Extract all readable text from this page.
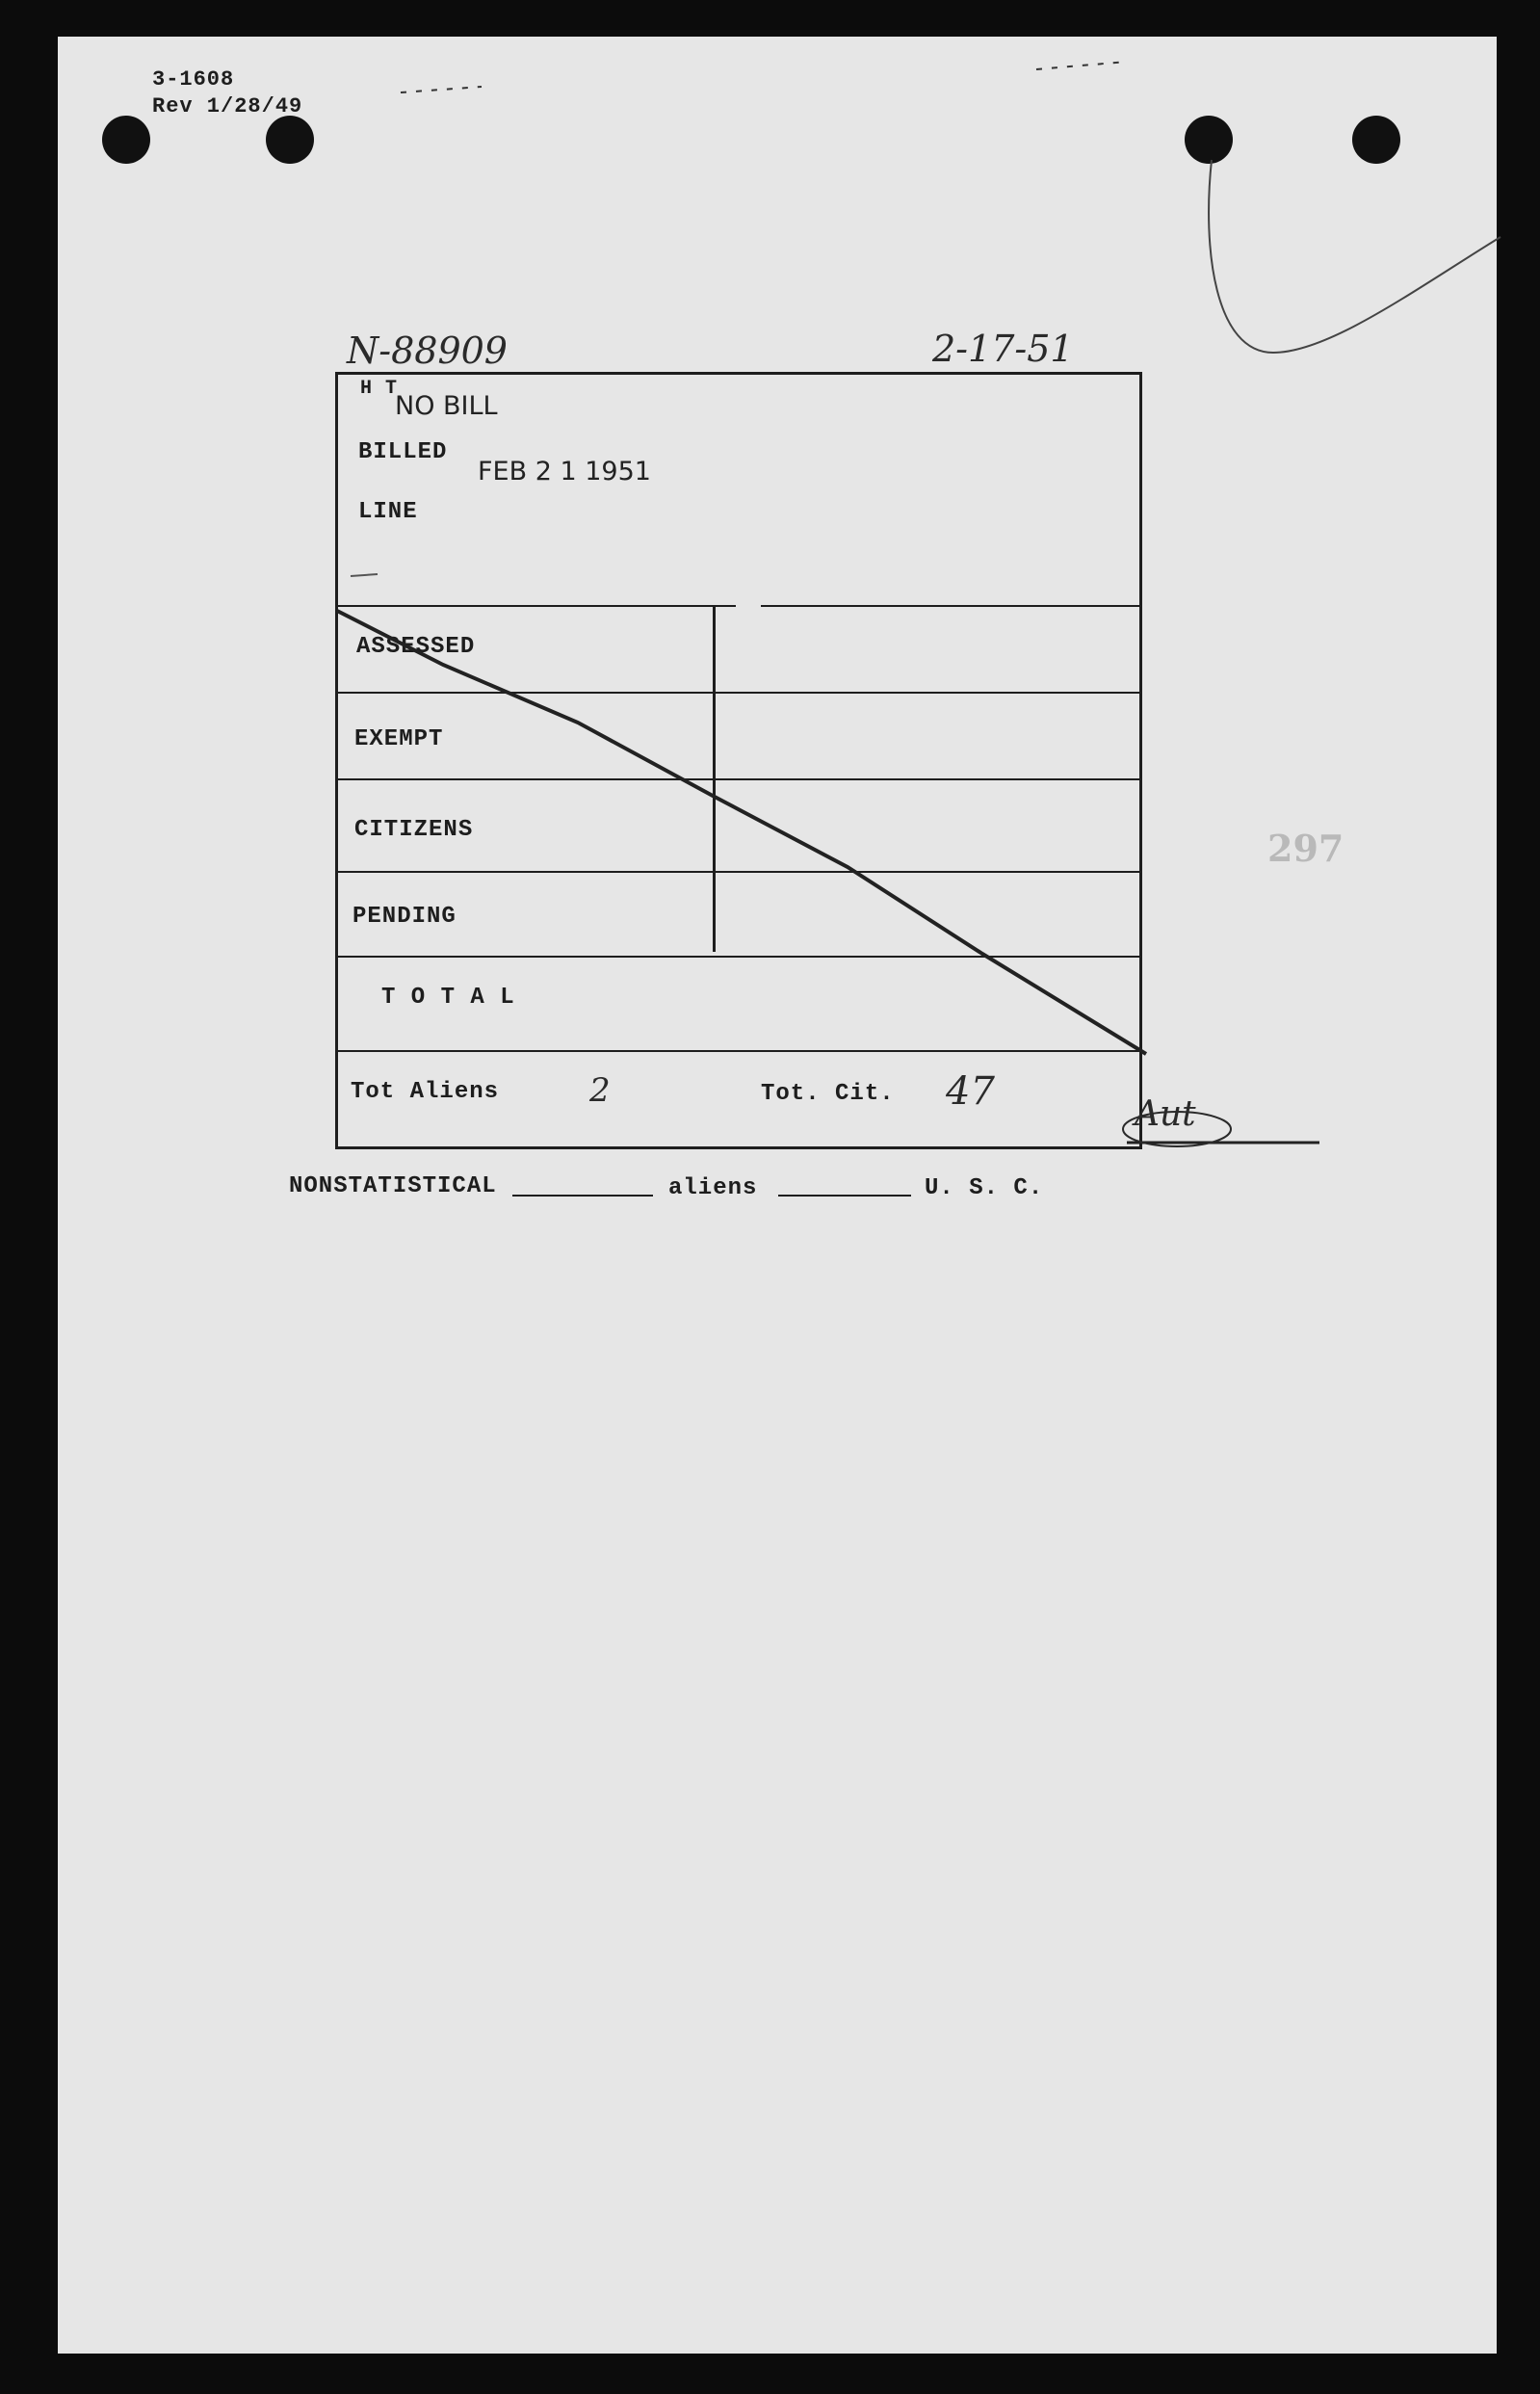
3-1608
Rev 1/28/49
N-88909	2-17-51
H T
NO BILL
BILLED
FEB 2 1 1951
LINE
ASSESSED
EXEMPT
CITIZENS
PENDING
T O T A L
Tot Aliens	2	Tot. Cit. 47
NONSTATISTICAL	aliens	U. S. C.
297
Aut
